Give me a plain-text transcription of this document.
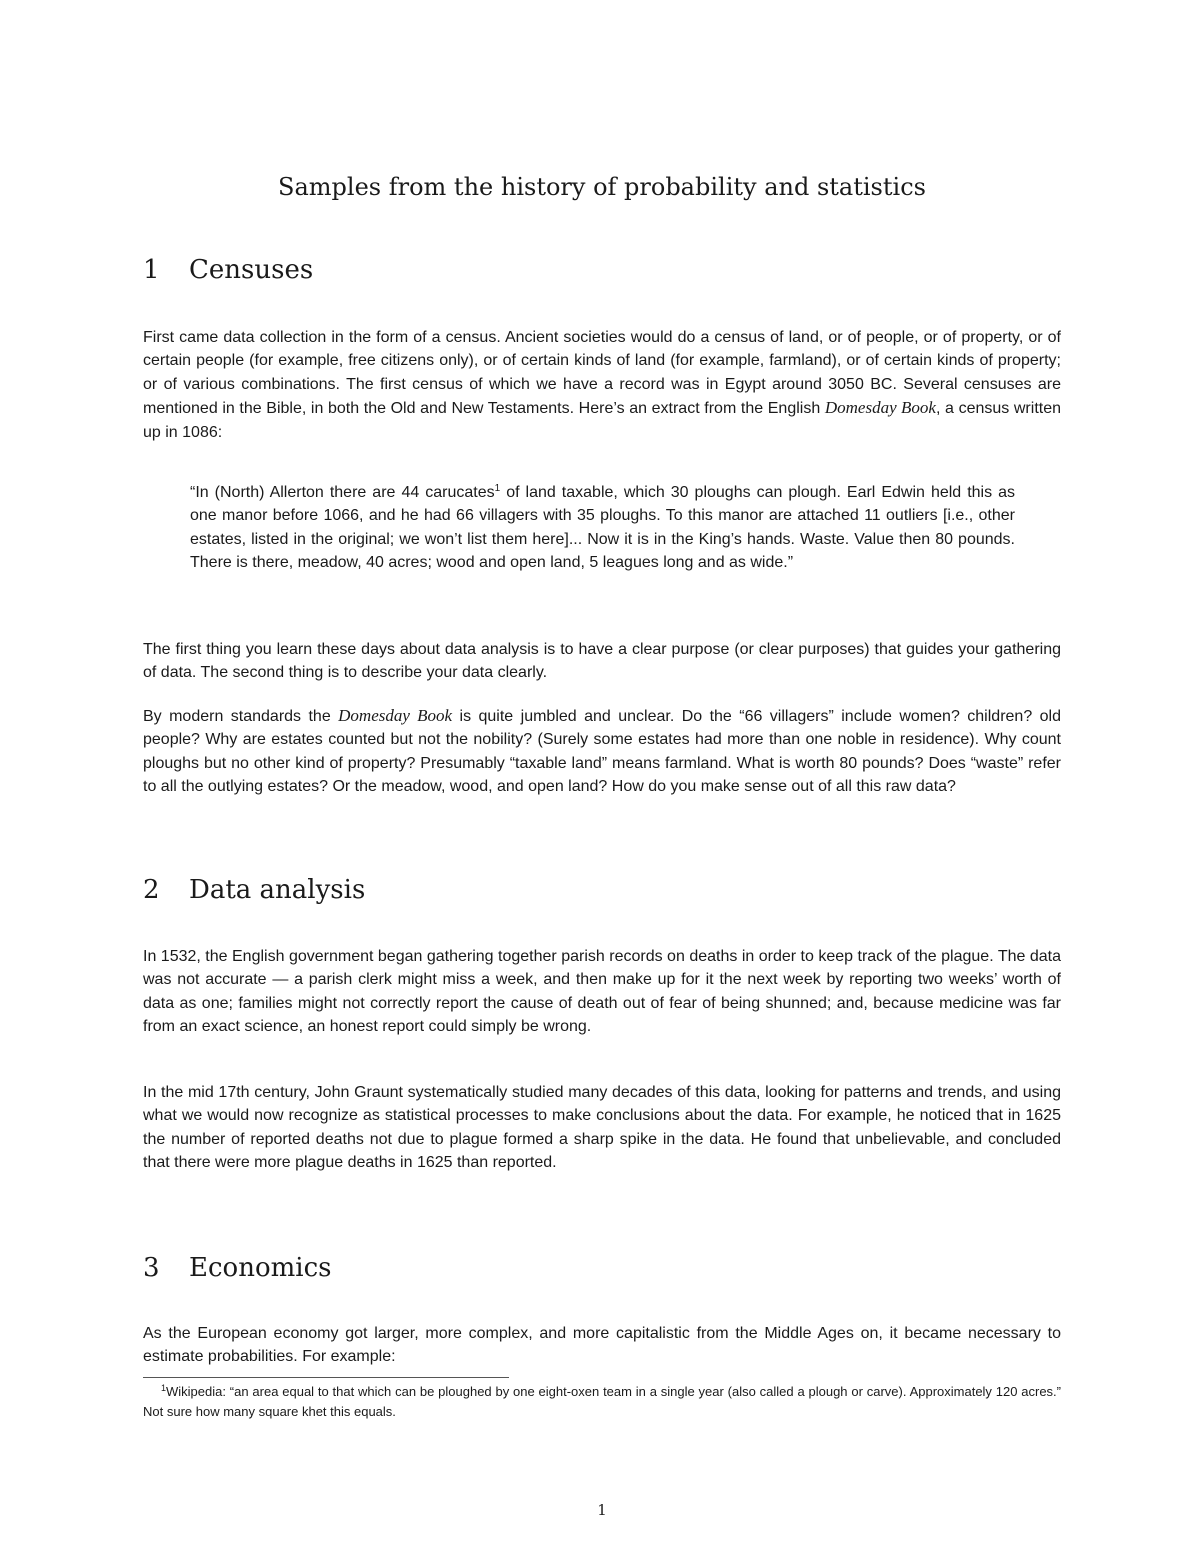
Samples from the history of probability and statistics
1 Censuses

First came data collection in the form of a census. Ancient societies would do a census of land, or of people, or of property, or of certain people (for example, free citizens only), or of certain kinds of land (for example, farmland), or of certain kinds of property; or of various combinations. The first census of which we have a record was in Egypt around 3050 BC. Several censuses are mentioned in the Bible, in both the Old and New Testaments. Here’s an extract from the English Domesday Book, a census written up in 1086:

“In (North) Allerton there are 44 carucates$^1$ of land taxable, which 30 ploughs can plough. Earl Edwin held this as one manor before 1066, and he had 66 villagers with 35 ploughs. To this manor are attached 11 outliers [i.e., other estates, listed in the original; we won’t list them here]... Now it is in the King’s hands. Waste. Value then 80 pounds. There is there, meadow, 40 acres; wood and open land, 5 leagues long and as wide.”

The first thing you learn these days about data analysis is to have a clear purpose (or clear purposes) that guides your gathering of data. The second thing is to describe your data clearly.

By modern standards the Domesday Book is quite jumbled and unclear. Do the “66 villagers” include women? children? old people? Why are estates counted but not the nobility? (Surely some estates had more than one noble in residence). Why count ploughs but no other kind of property? Presumably “taxable land” means farmland. What is worth 80 pounds? Does “waste” refer to all the outlying estates? Or the meadow, wood, and open land? How do you make sense out of all this raw data?

2 Data analysis

In 1532, the English government began gathering together parish records on deaths in order to keep track of the plague. The data was not accurate — a parish clerk might miss a week, and then make up for it the next week by reporting two weeks’ worth of data as one; families might not correctly report the cause of death out of fear of being shunned; and, because medicine was far from an exact science, an honest report could simply be wrong.

In the mid 17th century, John Graunt systematically studied many decades of this data, looking for patterns and trends, and using what we would now recognize as statistical processes to make conclusions about the data. For example, he noticed that in 1625 the number of reported deaths not due to plague formed a sharp spike in the data. He found that unbelievable, and concluded that there were more plague deaths in 1625 than reported.

3 Economics

As the European economy got larger, more complex, and more capitalistic from the Middle Ages on, it became necessary to estimate probabilities. For example:

$^1$Wikipedia: “an area equal to that which can be ploughed by one eight-oxen team in a single year (also called a plough or carve). Approximately 120 acres.” Not sure how many square khet this equals.

1
